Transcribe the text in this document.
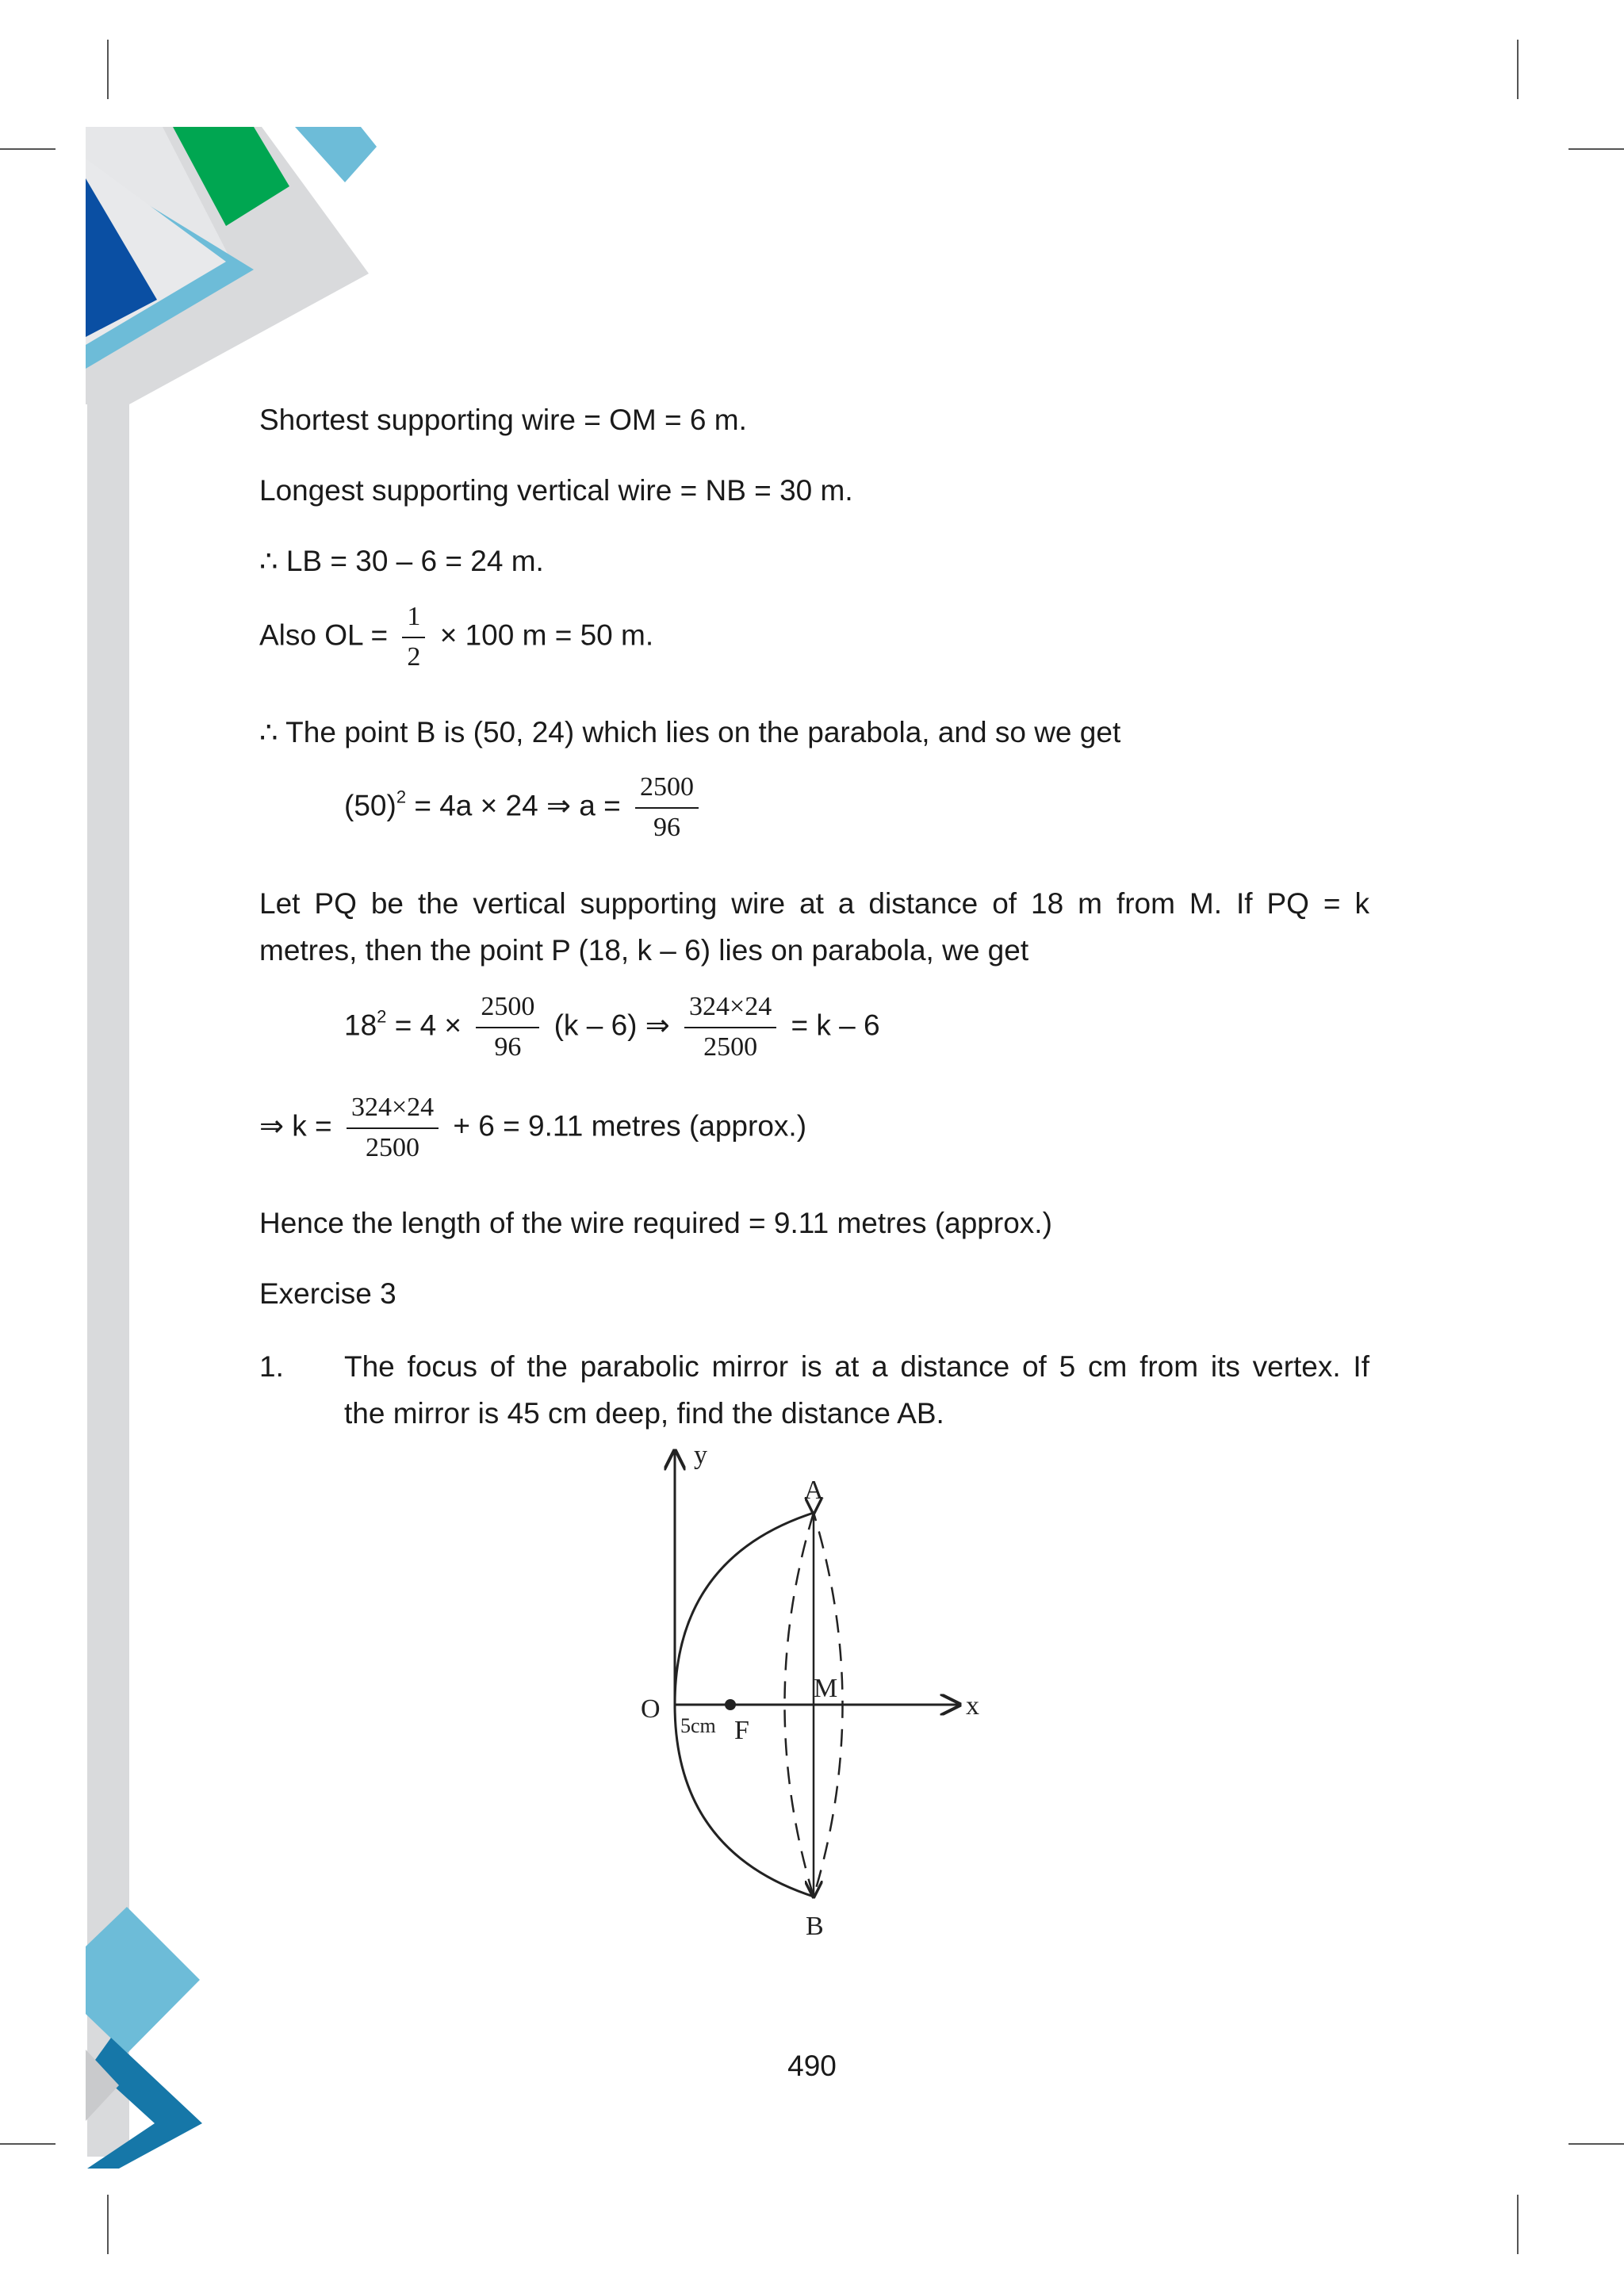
Shortest supporting wire = OM = 6 m.
Longest supporting vertical wire = NB = 30 m.
∴ LB = 30 – 6 = 24 m.
Also OL = $\frac{1}{2} \times 100$ m = 50 m.
∴ The point B is (50, 24) which lies on the parabola, and so we get
$(50)^2 = 4a \times 24$ ⇒ $a = \frac{2500}{96}$
Let PQ be the vertical supporting wire at a distance of 18 m from M. If PQ = k
metres, then the point P (18, k – 6) lies on parabola, we get
$18^2 = 4 \times \frac{2500}{96} (k - 6)$ ⇒ $\frac{324\times 24}{2500} = k - 6$
⇒ $k = \frac{324\times 24}{2500} + 6 = 9.11$ metres (approx.)
Hence the length of the wire required = 9.11 metres (approx.)
Exercise 3
1. The focus of the parabolic mirror is at a distance of 5 cm from its vertex. If
the mirror is 45 cm deep, find the distance AB.
y
A
M
x
O
5cm F
B
490
